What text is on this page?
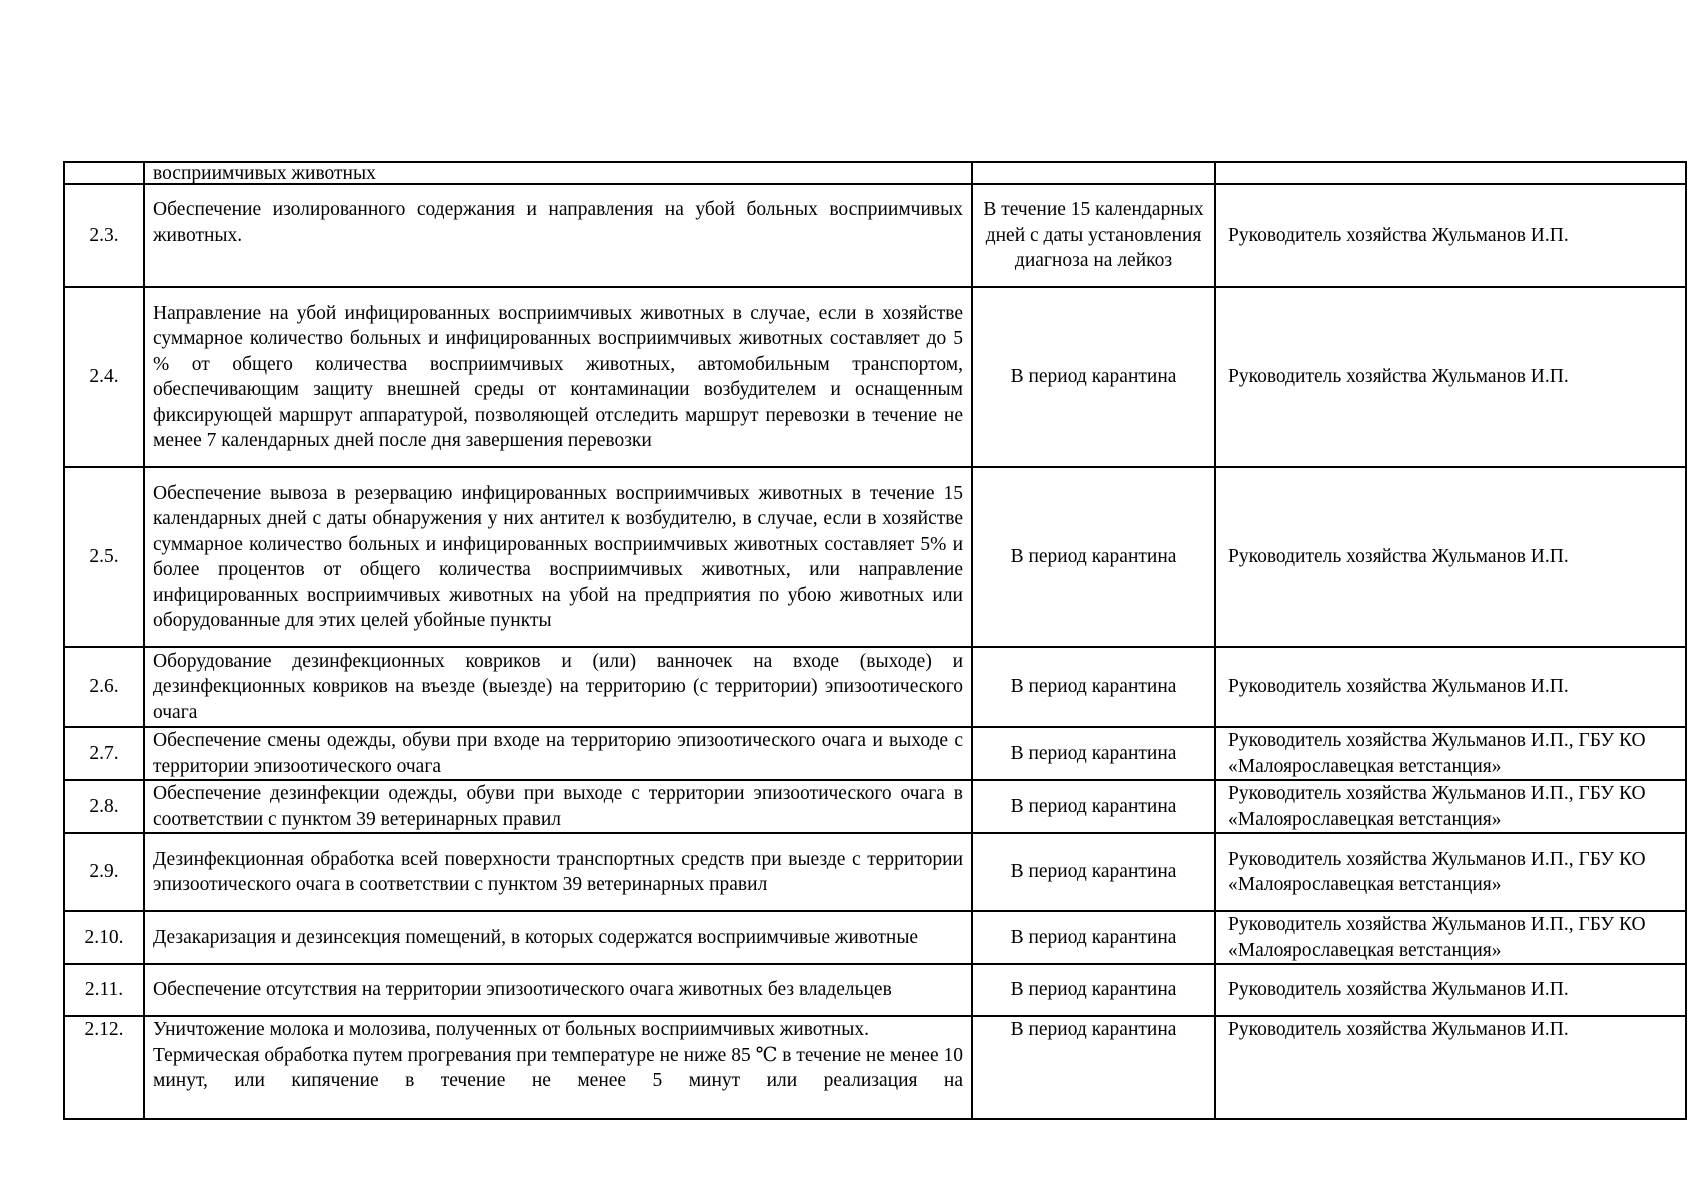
	восприимчивых животных		

2.3.	Обеспечение изолированного содержания и направления на убой больных восприимчивых животных.	В течение 15 календарных дней с даты установления диагноза на лейкоз	Руководитель хозяйства Жульманов И.П.
2.4.	Направление на убой инфицированных восприимчивых животных в случае, если в хозяйстве суммарное количество больных и инфицированных восприимчивых животных составляет до 5 % от общего количества восприимчивых животных, автомобильным транспортом, обеспечивающим защиту внешней среды от контаминации возбудителем и оснащенным фиксирующей маршрут аппаратурой, позволяющей отследить маршрут перевозки в течение не менее 7 календарных дней после дня завершения перевозки	В период карантина	Руководитель хозяйства Жульманов И.П.
2.5.	Обеспечение вывоза в резервацию инфицированных восприимчивых животных в течение 15 календарных дней с даты обнаружения у них антител к возбудителю, в случае, если в хозяйстве суммарное количество больных и инфицированных восприимчивых животных составляет 5% и более процентов от общего количества восприимчивых животных, или направление инфицированных восприимчивых животных на убой на предприятия по убою животных или оборудованные для этих целей убойные пункты	В период карантина	Руководитель хозяйства Жульманов И.П.
2.6.	Оборудование дезинфекционных ковриков и (или) ванночек на входе (выходе) и дезинфекционных ковриков на въезде (выезде) на территорию (с территории) эпизоотического очага	В период карантина	Руководитель хозяйства Жульманов И.П.
2.7.	Обеспечение смены одежды, обуви при входе на территорию эпизоотического очага и выходе с территории эпизоотического очага	В период карантина	Руководитель хозяйства Жульманов И.П., ГБУ КО «Малоярославецкая ветстанция»
2.8.	Обеспечение дезинфекции одежды, обуви при выходе с территории эпизоотического очага в соответствии с пунктом 39 ветеринарных правил	В период карантина	Руководитель хозяйства Жульманов И.П., ГБУ КО «Малоярославецкая ветстанция»
2.9.	Дезинфекционная обработка всей поверхности транспортных средств при выезде с территории эпизоотического очага в соответствии с пунктом 39 ветеринарных правил	В период карантина	Руководитель хозяйства Жульманов И.П., ГБУ КО «Малоярославецкая ветстанция»
2.10.	Дезакаризация и дезинсекция помещений, в которых содержатся восприимчивые животные	В период карантина	Руководитель хозяйства Жульманов И.П., ГБУ КО «Малоярославецкая ветстанция»
2.11.	Обеспечение отсутствия на территории эпизоотического очага животных без владельцев	В период карантина	Руководитель хозяйства Жульманов И.П.
2.12.	Уничтожение молока и молозива, полученных от больных восприимчивых животных.
Термическая обработка путем прогревания при температуре не ниже 85 ℃ в течение не менее 10 минут, или кипячение в течение не менее 5 минут или реализация на	В период карантина	Руководитель хозяйства Жульманов И.П.
